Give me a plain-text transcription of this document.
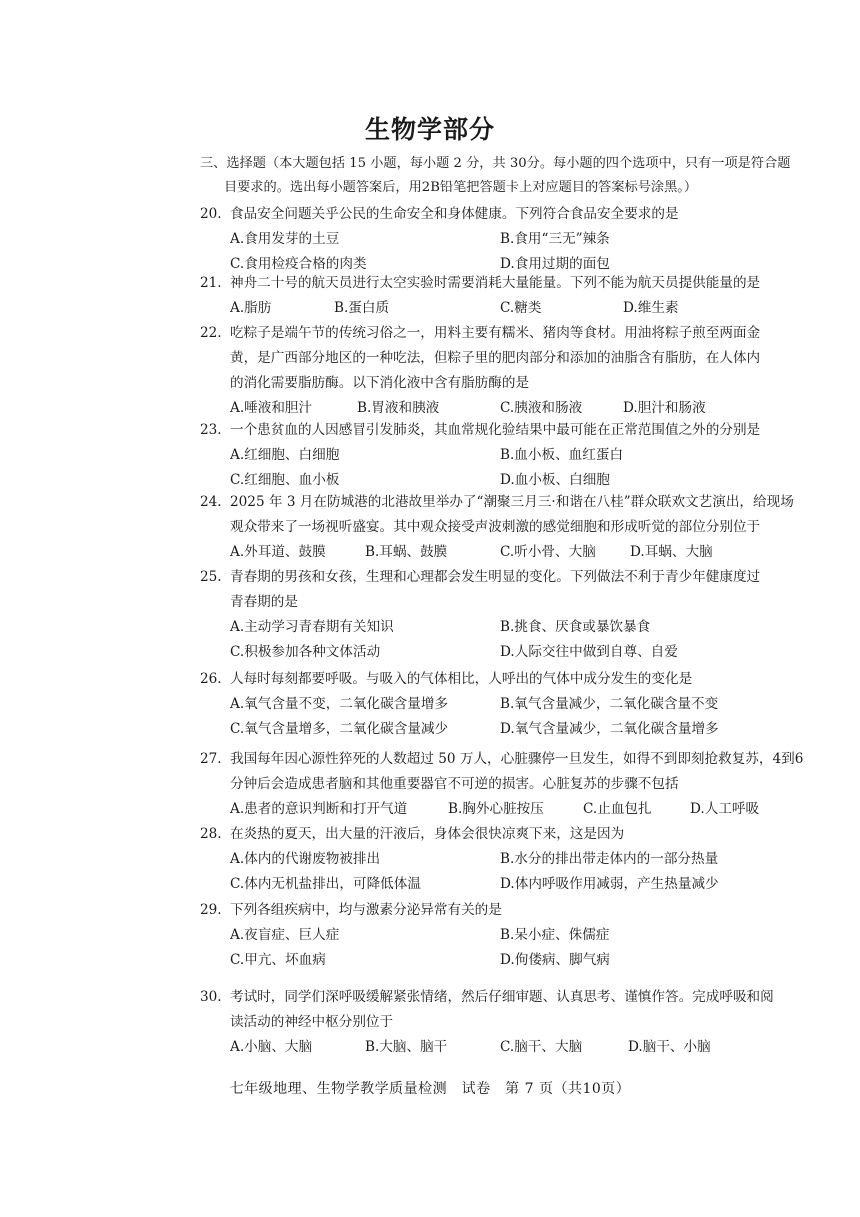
生物学部分
三、选择题（本大题包括 15 小题，每小题 2 分，共 30分。每小题的四个选项中，只有一项是符合题
目要求的。选出每小题答案后，用2B铅笔把答题卡上对应题目的答案标号涂黑。）
20. 食品安全问题关乎公民的生命安全和身体健康。下列符合食品安全要求的是
A.食用发芽的土豆	B.食用“三无”辣条
C.食用检疫合格的肉类	D.食用过期的面包
21. 神舟二十号的航天员进行太空实验时需要消耗大量能量。下列不能为航天员提供能量的是
A.脂肪	B.蛋白质	C.糖类	D.维生素
22. 吃粽子是端午节的传统习俗之一，用料主要有糯米、猪肉等食材。用油将粽子煎至两面金
黄，是广西部分地区的一种吃法，但粽子里的肥肉部分和添加的油脂含有脂肪，在人体内
的消化需要脂肪酶。以下消化液中含有脂肪酶的是
A.唾液和胆汁	B.胃液和胰液	C.胰液和肠液	D.胆汁和肠液
23. 一个患贫血的人因感冒引发肺炎，其血常规化验结果中最可能在正常范围值之外的分别是
A.红细胞、白细胞	B.血小板、血红蛋白
C.红细胞、血小板	D.血小板、白细胞
24. 2025 年 3 月在防城港的北港故里举办了“潮聚三月三·和谐在八桂”群众联欢文艺演出，给现场
观众带来了一场视听盛宴。其中观众接受声波刺激的感觉细胞和形成听觉的部位分别位于
A.外耳道、鼓膜	B.耳蜗、鼓膜	C.听小骨、大脑	D.耳蜗、大脑
25. 青春期的男孩和女孩，生理和心理都会发生明显的变化。下列做法不利于青少年健康度过
青春期的是
A.主动学习青春期有关知识	B.挑食、厌食或暴饮暴食
C.积极参加各种文体活动	D.人际交往中做到自尊、自爱
26. 人每时每刻都要呼吸。与吸入的气体相比，人呼出的气体中成分发生的变化是
A.氧气含量不变，二氧化碳含量增多	B.氧气含量减少，二氧化碳含量不变
C.氧气含量增多，二氧化碳含量减少	D.氧气含量减少，二氧化碳含量增多
27. 我国每年因心源性猝死的人数超过 50 万人，心脏骤停一旦发生，如得不到即刻抢救复苏，4到6
分钟后会造成患者脑和其他重要器官不可逆的损害。心脏复苏的步骤不包括
A.患者的意识判断和打开气道	B.胸外心脏按压	C.止血包扎	D.人工呼吸
28. 在炎热的夏天，出大量的汗液后，身体会很快凉爽下来，这是因为
A.体内的代谢废物被排出	B.水分的排出带走体内的一部分热量
C.体内无机盐排出，可降低体温	D.体内呼吸作用减弱，产生热量减少
29. 下列各组疾病中，均与激素分泌异常有关的是
A.夜盲症、巨人症	B.呆小症、侏儒症
C.甲亢、坏血病	D.佝偻病、脚气病
30. 考试时，同学们深呼吸缓解紧张情绪，然后仔细审题、认真思考、谨慎作答。完成呼吸和阅
读活动的神经中枢分别位于
A.小脑、大脑	B.大脑、脑干	C.脑干、大脑	D.脑干、小脑
七年级地理、生物学教学质量检测　试卷　第 7 页（共10页）
